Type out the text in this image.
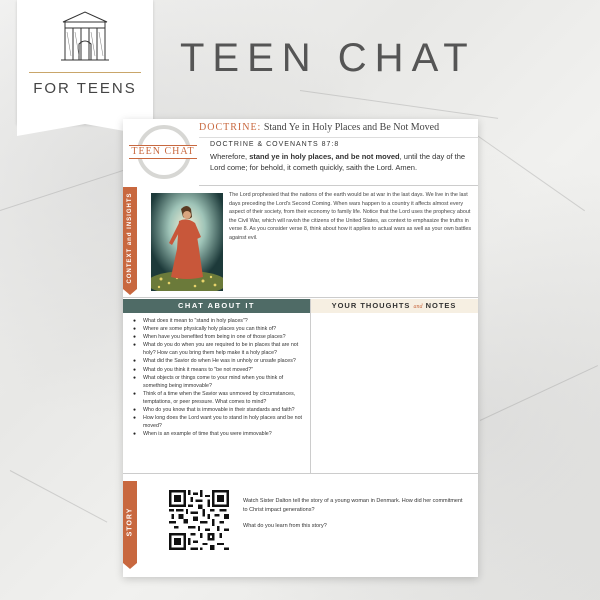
FOR TEENS
TEEN CHAT
TEEN CHAT
DOCTRINE: Stand Ye in Holy Places and Be Not Moved
DOCTRINE & COVENANTS 87:8
Wherefore, stand ye in holy places, and be not moved, until the day of the Lord come; for behold, it cometh quickly, saith the Lord. Amen.
CONTEXT and INSIGHTS	The Lord prophesied that the nations of the earth would be at war in the last days. We live in the last days preceding the Lord's Second Coming. When wars happen to a country it affects almost every aspect of their society, from their economy to family life. Notice that the Lord uses the prophecy about the Civil War, which will ravish the citizens of the United States, as context to emphasize the truths in verse 8. As you consider verse 8, think about how it applies to actual wars as well as your own battles against evil.
CHAT ABOUT IT	YOUR THOUGHTS and NOTES
● What does it mean to "stand in holy places"?
● Where are some physically holy places you can think of?
● When have you benefited from being in one of those places?
● What do you do when you are required to be in places that are not holy? How can you bring them help make it a holy place?
● What did the Savior do when He was in unholy or unsafe places?
● What do you think it means to "be not moved?"
● What objects or things come to your mind when you think of something being immovable?
● Think of a time when the Savior was unmoved by circumstances, temptations, or peer pressure. What comes to mind?
● Who do you know that is immovable in their standards and faith?
● How long does the Lord want you to stand in holy places and be not moved?
● When is an example of time that you were immovable?
STORY

Watch Sister Dalton tell the story of a young woman in Denmark. How did her commitment to Christ impact generations?

What do you learn from this story?
